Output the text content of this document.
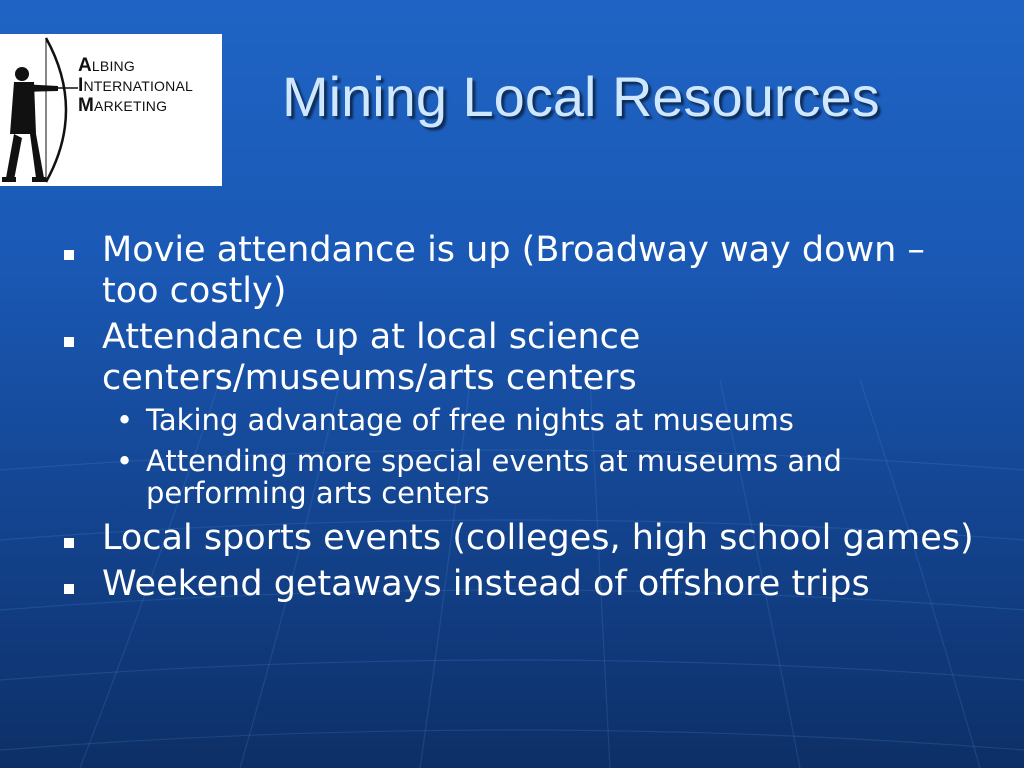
ALBING
INTERNATIONAL
MARKETING	Mining Local Resources
Movie attendance is up (Broadway way down – too costly)
Attendance up at local science centers/museums/arts centers
• Taking advantage of free nights at museums
• Attending more special events at museums and performing arts centers
Local sports events (colleges, high school games)
Weekend getaways instead of offshore trips
